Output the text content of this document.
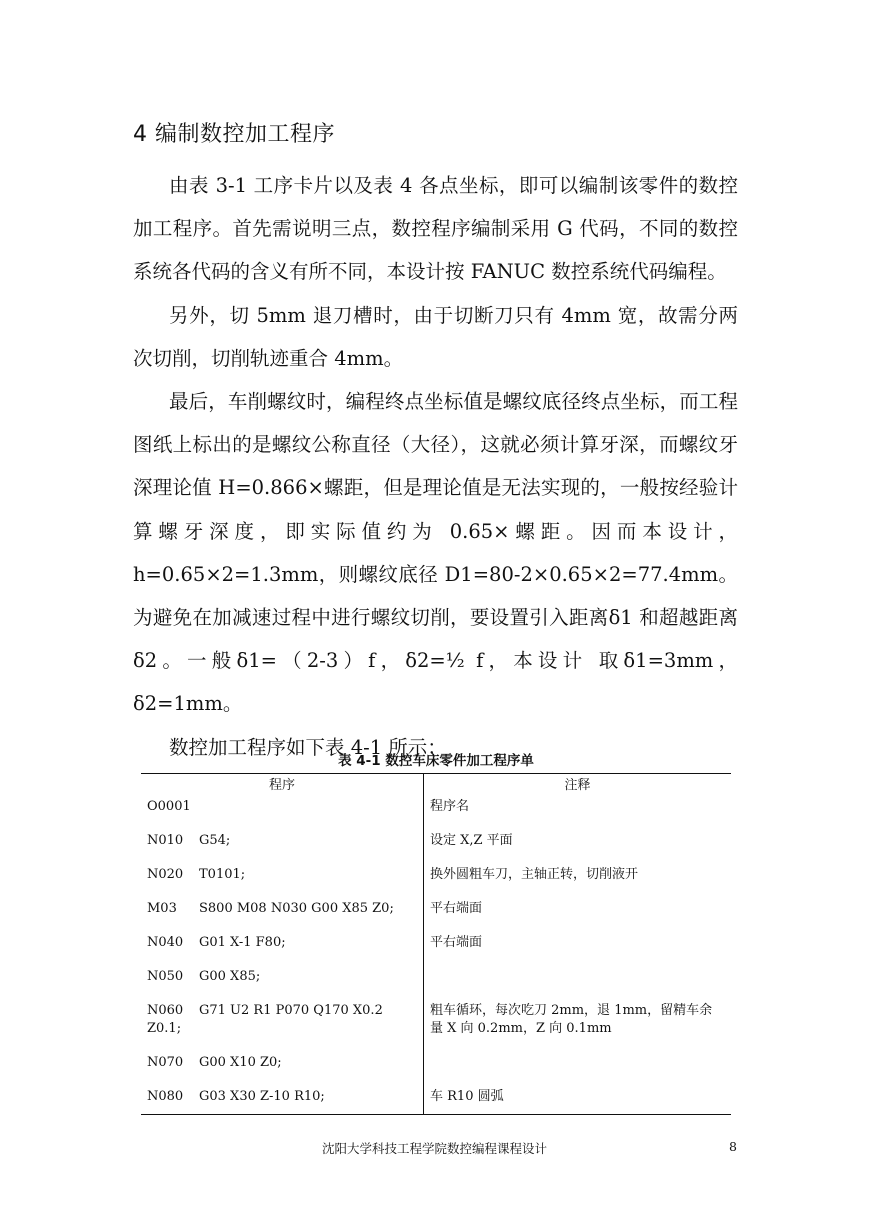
4 编制数控加工程序

由表 3-1 工序卡片以及表 4 各点坐标，即可以编制该零件的数控加工程序。首先需说明三点，数控程序编制采用 G 代码，不同的数控系统各代码的含义有所不同，本设计按 FANUC 数控系统代码编程。

另外，切 5mm 退刀槽时，由于切断刀只有 4mm 宽，故需分两次切削，切削轨迹重合 4mm。

最后，车削螺纹时，编程终点坐标值是螺纹底径终点坐标，而工程图纸上标出的是螺纹公称直径（大径），这就必须计算牙深，而螺纹牙深理论值 H=0.866×螺距，但是理论值是无法实现的，一般按经验计算螺牙深度，即实际值约为 0.65×螺距。因而本设计，h=0.65×2=1.3mm，则螺纹底径 D1=80-2×0.65×2=77.4mm。为避免在加减速过程中进行螺纹切削，要设置引入距离δ1 和超越距离δ2。一般δ1=（2-3）f，δ2=½ f，本设计 取δ1=3mm，δ2=1mm。

数控加工程序如下表 4-1 所示：

表 4-1 数控车床零件加工程序单
程序	注释
O0001	程序名
N010 G54;	设定 X,Z 平面
N020 T0101;	换外圆粗车刀，主轴正转，切削液开
M03 S800 M08 N030 G00 X85 Z0;	平右端面
N040 G01 X-1 F80;	平右端面
N050 G00 X85;	
N060 G71 U2 R1 P070 Q170 X0.2 Z0.1;	粗车循环，每次吃刀 2mm，退 1mm，留精车余量 X 向 0.2mm，Z 向 0.1mm
N070 G00 X10 Z0;	
N080 G03 X30 Z-10 R10;	车 R10 圆弧
沈阳大学科技工程学院数控编程课程设计	8
